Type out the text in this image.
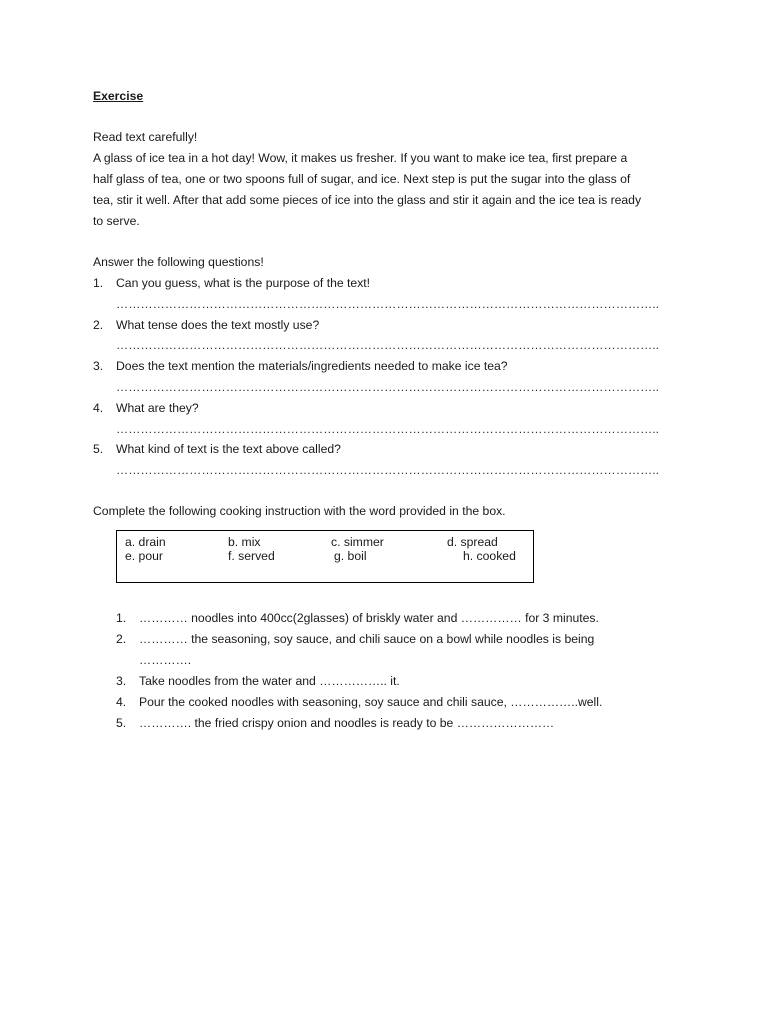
Exercise
Read text carefully!
A glass of ice tea in a hot day! Wow, it makes us fresher. If you want to make ice tea, first prepare a
half glass of tea, one or two spoons full of sugar, and ice. Next step is put the sugar into the glass of
tea, stir it well. After that add some pieces of ice into the glass and stir it again and the ice tea is ready
to serve.
Answer the following questions!
1. Can you guess, what is the purpose of the text!
……………………………………………………………………………………………………………………..
2. What tense does the text mostly use?
……………………………………………………………………………………………………………………..
3. Does the text mention the materials/ingredients needed to make ice tea?
……………………………………………………………………………………………………………………..
4. What are they?
……………………………………………………………………………………………………………………..
5. What kind of text is the text above called?
……………………………………………………………………………………………………………………..
Complete the following cooking instruction with the word provided in the box.
a. drain	b. mix	c. simmer	d. spread
e. pour	f. served	g. boil	h. cooked
1. ………… noodles into 400cc(2glasses) of briskly water and …………… for 3 minutes.
2. ………… the seasoning, soy sauce, and chili sauce on a bowl while noodles is being
………….
3. Take noodles from the water and …………….. it.
4. Pour the cooked noodles with seasoning, soy sauce and chili sauce, ……………..well.
5. …………. the fried crispy onion and noodles is ready to be ……………………
